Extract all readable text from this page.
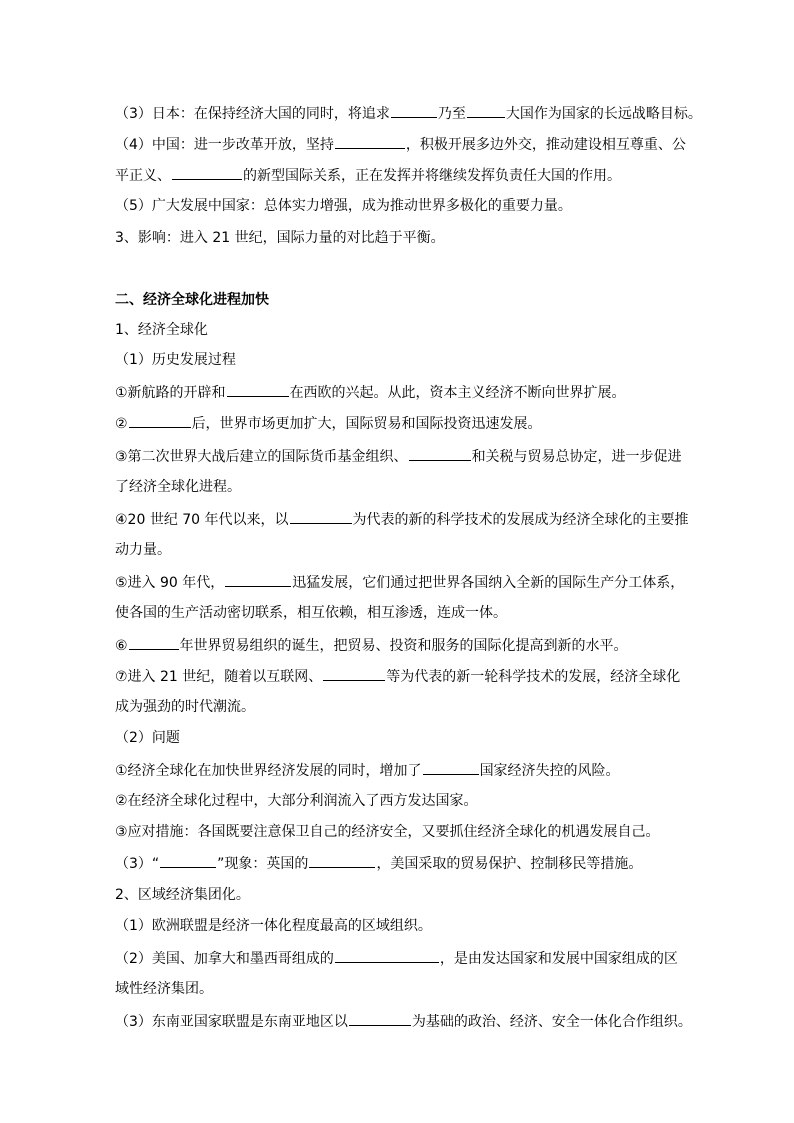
（3）日本：在保持经济大国的同时，将追求	乃至	大国作为国家的长远战略目标。
（4）中国：进一步改革开放，坚持	，积极开展多边外交，推动建设相互尊重、公
平正义、	的新型国际关系，正在发挥并将继续发挥负责任大国的作用。
（5）广大发展中国家：总体实力增强，成为推动世界多极化的重要力量。
3、影响：进入 21 世纪，国际力量的对比趋于平衡。
二、经济全球化进程加快
1、经济全球化
（1）历史发展过程
①新航路的开辟和	在西欧的兴起。从此，资本主义经济不断向世界扩展。
②	后，世界市场更加扩大，国际贸易和国际投资迅速发展。
③第二次世界大战后建立的国际货币基金组织、	和关税与贸易总协定，进一步促进
了经济全球化进程。
④20 世纪 70 年代以来，以	为代表的新的科学技术的发展成为经济全球化的主要推
动力量。
⑤进入 90 年代，	迅猛发展，它们通过把世界各国纳入全新的国际生产分工体系，
使各国的生产活动密切联系，相互依赖，相互渗透，连成一体。
⑥	年世界贸易组织的诞生，把贸易、投资和服务的国际化提高到新的水平。
⑦进入 21 世纪，随着以互联网、	等为代表的新一轮科学技术的发展，经济全球化
成为强劲的时代潮流。
（2）问题
①经济全球化在加快世界经济发展的同时，增加了	国家经济失控的风险。
②在经济全球化过程中，大部分利润流入了西方发达国家。
③应对措施：各国既要注意保卫自己的经济安全，又要抓住经济全球化的机遇发展自己。
（3）“	”现象：英国的	，美国采取的贸易保护、控制移民等措施。
2、区域经济集团化。
（1）欧洲联盟是经济一体化程度最高的区域组织。
（2）美国、加拿大和墨西哥组成的	，是由发达国家和发展中国家组成的区
域性经济集团。
（3）东南亚国家联盟是东南亚地区以	为基础的政治、经济、安全一体化合作组织。
